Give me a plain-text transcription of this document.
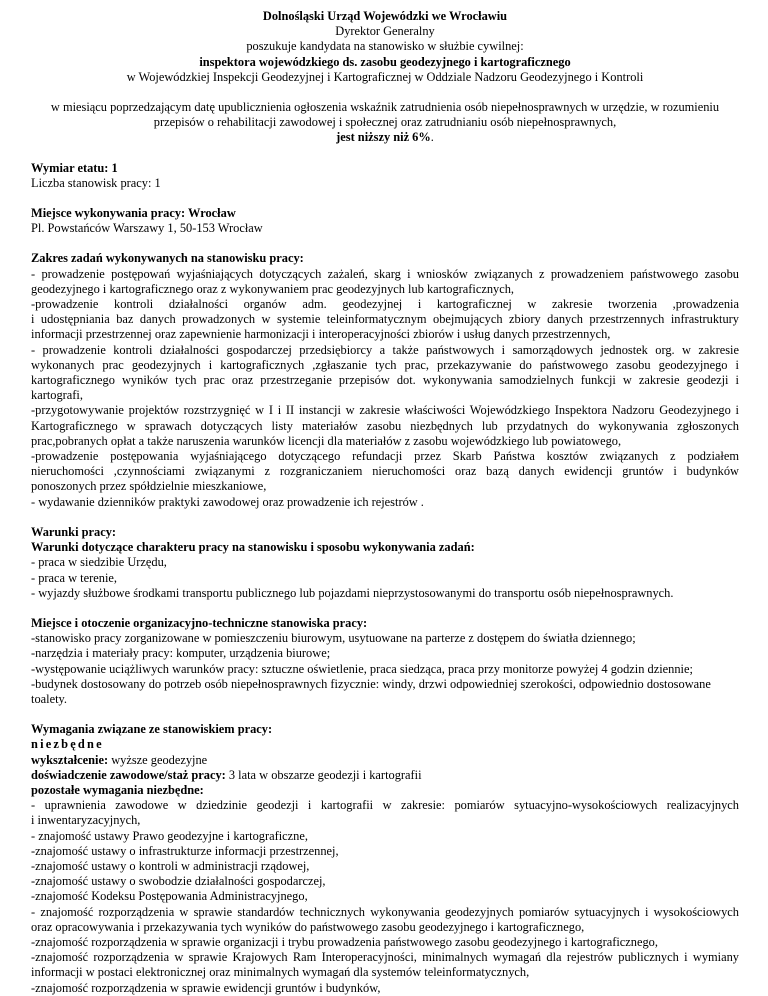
Dolnośląski Urząd Wojewódzki we Wrocławiu

Dyrektor Generalny

poszukuje kandydata na stanowisko w służbie cywilnej:

inspektora wojewódzkiego ds. zasobu geodezyjnego i kartograficznego

w Wojewódzkiej Inspekcji Geodezyjnej i Kartograficznej w Oddziale Nadzoru Geodezyjnego i Kontroli

w miesiącu poprzedzającym datę upublicznienia ogłoszenia wskaźnik zatrudnienia osób niepełnosprawnych w urzędzie, w rozumieniu

przepisów o rehabilitacji zawodowej i społecznej oraz zatrudnianiu osób niepełnosprawnych,

jest niższy niż 6%.

Wymiar etatu: 1

Liczba stanowisk pracy: 1

Miejsce wykonywania pracy: Wrocław

Pl. Powstańców Warszawy 1, 50-153 Wrocław

Zakres zadań wykonywanych na stanowisku pracy:

- prowadzenie postępowań wyjaśniających dotyczących zażaleń, skarg i wniosków związanych z prowadzeniem państwowego zasobu

geodezyjnego i kartograficznego oraz z wykonywaniem prac geodezyjnych lub kartograficznych,

-prowadzenie kontroli działalności organów adm. geodezyjnej i kartograficznej w zakresie tworzenia ,prowadzenia

i udostępniania baz danych prowadzonych w systemie teleinformatycznym obejmujących zbiory danych przestrzennych infrastruktury

informacji przestrzennej oraz zapewnienie harmonizacji i interoperacyjności zbiorów i usług danych przestrzennych,

- prowadzenie kontroli działalności gospodarczej przedsiębiorcy a także państwowych i samorządowych jednostek org. w zakresie

wykonanych prac geodezyjnych i kartograficznych ,zgłaszanie tych prac, przekazywanie do państwowego zasobu geodezyjnego i

kartograficznego wyników tych prac oraz przestrzeganie przepisów dot. wykonywania samodzielnych funkcji w zakresie geodezji i

kartografi,

-przygotowywanie projektów rozstrzygnięć w I i II instancji w zakresie właściwości Wojewódzkiego Inspektora Nadzoru Geodezyjnego i

Kartograficznego w sprawach dotyczących listy materiałów zasobu niezbędnych lub przydatnych do wykonywania zgłoszonych

prac,pobranych opłat a także naruszenia warunków licencji dla materiałów z zasobu wojewódzkiego lub powiatowego,

-prowadzenie postępowania wyjaśniającego dotyczącego refundacji przez Skarb Państwa kosztów związanych z podziałem

nieruchomości ,czynnościami związanymi z rozgraniczaniem nieruchomości oraz bazą danych ewidencji gruntów i budynków

ponoszonych przez spółdzielnie mieszkaniowe,

- wydawanie dzienników praktyki zawodowej oraz prowadzenie ich rejestrów .

Warunki pracy:

Warunki dotyczące charakteru pracy na stanowisku i sposobu wykonywania zadań:

- praca w siedzibie Urzędu,

- praca w terenie,

- wyjazdy służbowe środkami transportu publicznego lub pojazdami nieprzystosowanymi do transportu osób niepełnosprawnych.

Miejsce i otoczenie organizacyjno-techniczne stanowiska pracy:

-stanowisko pracy zorganizowane w pomieszczeniu biurowym, usytuowane na parterze z dostępem do światła dziennego;

-narzędzia i materiały pracy: komputer, urządzenia biurowe;

-występowanie uciążliwych warunków pracy: sztuczne oświetlenie, praca siedząca, praca przy monitorze powyżej 4 godzin dziennie;

-budynek dostosowany do potrzeb osób niepełnosprawnych fizycznie: windy, drzwi odpowiedniej szerokości, odpowiednio dostosowane

toalety.

Wymagania związane ze stanowiskiem pracy:

niezbędne

wykształcenie: wyższe geodezyjne

doświadczenie zawodowe/staż pracy: 3 lata w obszarze geodezji i kartografii

pozostałe wymagania niezbędne:

- uprawnienia zawodowe w dziedzinie geodezji i kartografii w zakresie: pomiarów sytuacyjno-wysokościowych realizacyjnych

i inwentaryzacyjnych,

- znajomość ustawy Prawo geodezyjne i kartograficzne,

-znajomość ustawy o infrastrukturze informacji przestrzennej,

-znajomość ustawy o kontroli w administracji rządowej,

-znajomość ustawy o swobodzie działalności gospodarczej,

-znajomość Kodeksu Postępowania Administracyjnego,

- znajomość rozporządzenia w sprawie standardów technicznych wykonywania geodezyjnych pomiarów sytuacyjnych i wysokościowych

oraz opracowywania i przekazywania tych wyników do państwowego zasobu geodezyjnego i kartograficznego,

-znajomość rozporządzenia w sprawie organizacji i trybu prowadzenia państwowego zasobu geodezyjnego i kartograficznego,

-znajomość rozporządzenia w sprawie Krajowych Ram Interoperacyjności, minimalnych wymagań dla rejestrów publicznych i wymiany

informacji w postaci elektronicznej oraz minimalnych wymagań dla systemów teleinformatycznych,

-znajomość rozporządzenia w sprawie ewidencji gruntów i budynków,
